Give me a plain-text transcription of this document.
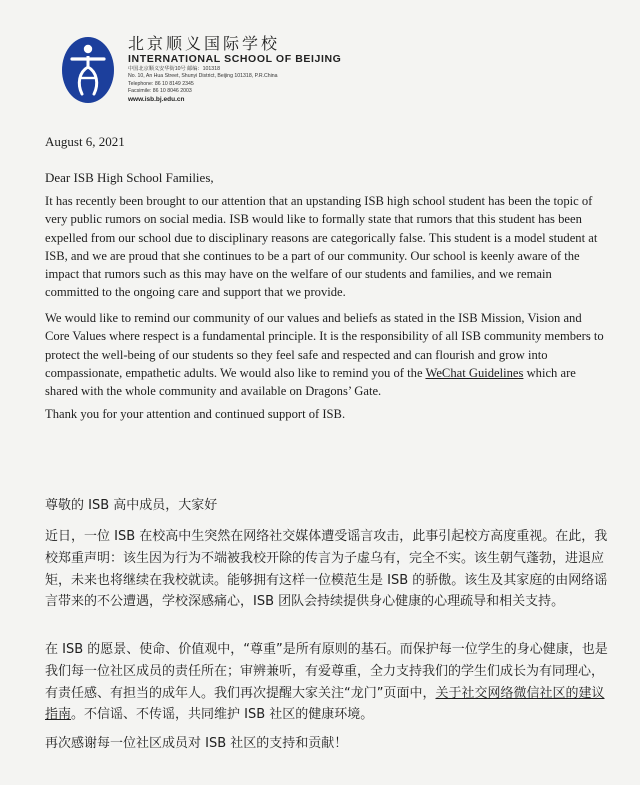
北京顺义国际学校
INTERNATIONAL SCHOOL OF BEIJING
中国北京顺义安华街10号 邮编：101318
No. 10, An Hua Street, Shunyi District, Beijing 101318, P.R.China
Telephone: 86 10 8149 2345
Facsimile: 86 10 8046 2003
www.isb.bj.edu.cn
August 6, 2021
Dear ISB High School Families,

It has recently been brought to our attention that an upstanding ISB high school student has been the topic of very public rumors on social media. ISB would like to formally state that rumors that this student has been expelled from our school due to disciplinary reasons are categorically false. This student is a model student at ISB, and we are proud that she continues to be a part of our community. Our school is keenly aware of the impact that rumors such as this may have on the welfare of our students and families, and we remain committed to the ongoing care and support that we provide.

We would like to remind our community of our values and beliefs as stated in the ISB Mission, Vision and Core Values where respect is a fundamental principle. It is the responsibility of all ISB community members to protect the well-being of our students so they feel safe and respected and can flourish and grow into compassionate, empathetic adults. We would also like to remind you of the WeChat Guidelines which are shared with the whole community and available on Dragons’ Gate.

Thank you for your attention and continued support of ISB.
尊敬的 ISB 高中成员，大家好

近日，一位 ISB 在校高中生突然在网络社交媒体遭受谣言攻击，此事引起校方高度重视。在此，我校郑重声明：该生因为行为不端被我校开除的传言为子虚乌有，完全不实。该生朝气蓬勃，进退应矩，未来也将继续在我校就读。能够拥有这样一位模范生是 ISB 的骄傲。该生及其家庭的由网络谣言带来的不公遭遇，学校深感痛心，ISB 团队会持续提供身心健康的心理疏导和相关支持。

在 ISB 的愿景、使命、价值观中，“尊重”是所有原则的基石。而保护每一位学生的身心健康，也是我们每一位社区成员的责任所在；审辨兼听，有爱尊重，全力支持我们的学生们成长为有同理心，有责任感、有担当的成年人。我们再次提醒大家关注“龙门”页面中，关于社交网络微信社区的建议指南。不信谣、不传谣，共同维护 ISB 社区的健康环境。

再次感谢每一位社区成员对 ISB 社区的支持和贡献！
